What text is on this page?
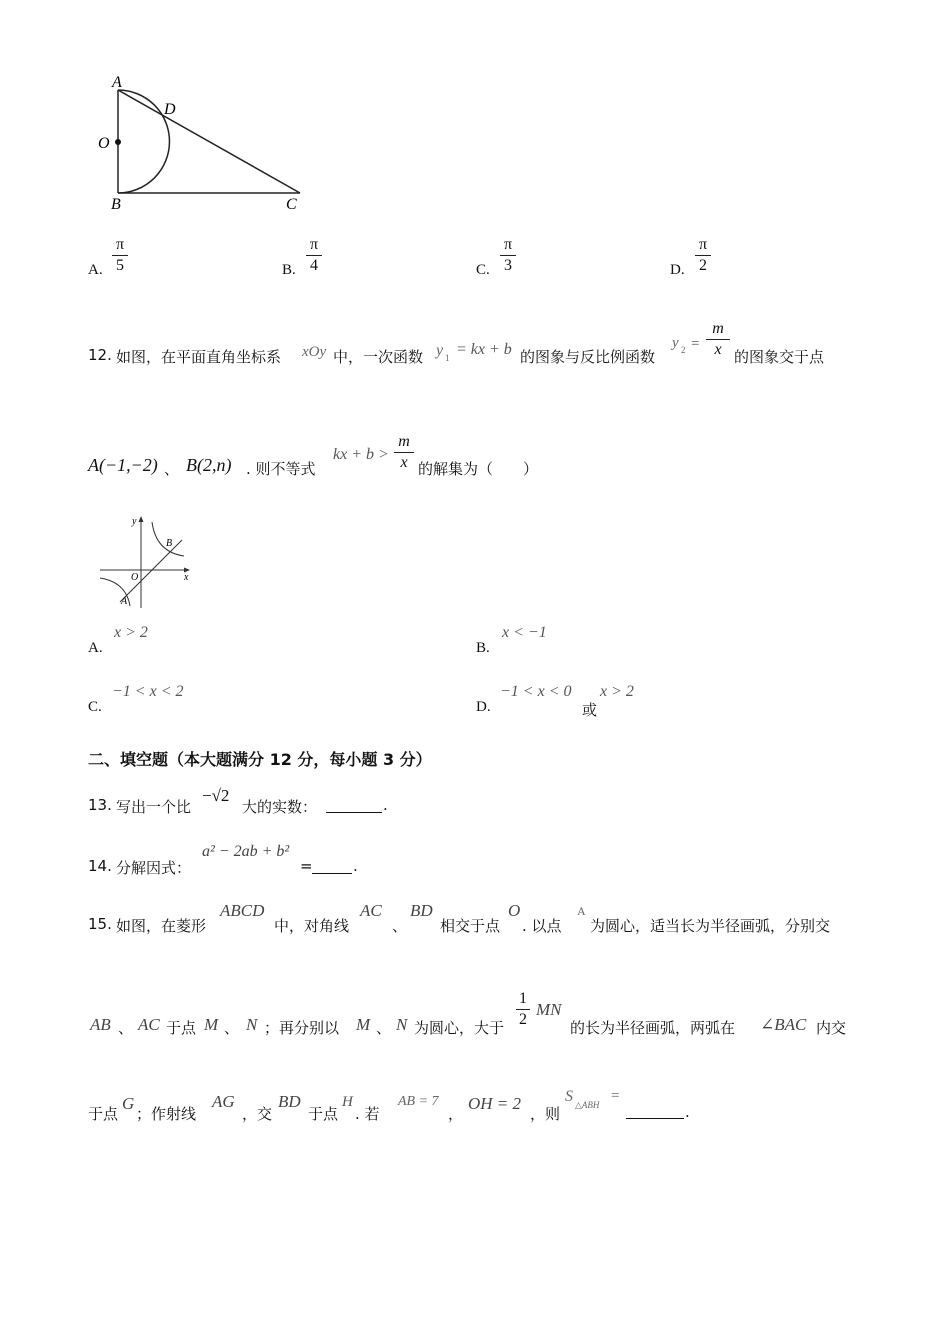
A
D
O
B	C
A.
π
5	B.
π
4	C.
π
3	D.
π
2
12. 如图，在平面直角坐标系 xOy 中，一次函数 y 1 = kx + b 的图象与反比例函数
y 2 =
m
x 的图象交于点
A(−1,−2) 、 B(2,n) . 则不等式
kx + b >
m
x 的解集为（　　）
y
x
O
A
B
A.
x > 2
B.
x < −1
C.
−1 < x < 2
D.
−1 < x < 0
或
x > 2
二、填空题（本大题满分 12 分，每小题 3 分）
13. 写出一个比
−√2
大的实数：	.
14. 分解因式：
a² − 2ab + b²
=	.
15. 如图，在菱形
ABCD
中，对角线
AC
、
BD
相交于点
O
. 以点
A
为圆心，适当长为半径画弧，分别交
AB 、 AC 于点 M 、 N ；再分别以 M 、 N 为圆心，大于
1
2
MN
的长为半径画弧，两弧在 ∠BAC 内交
于点
G
；作射线
AG
，交
BD
于点
H
. 若
AB = 7
，
OH = 2
，则
S △ABH
=
.
